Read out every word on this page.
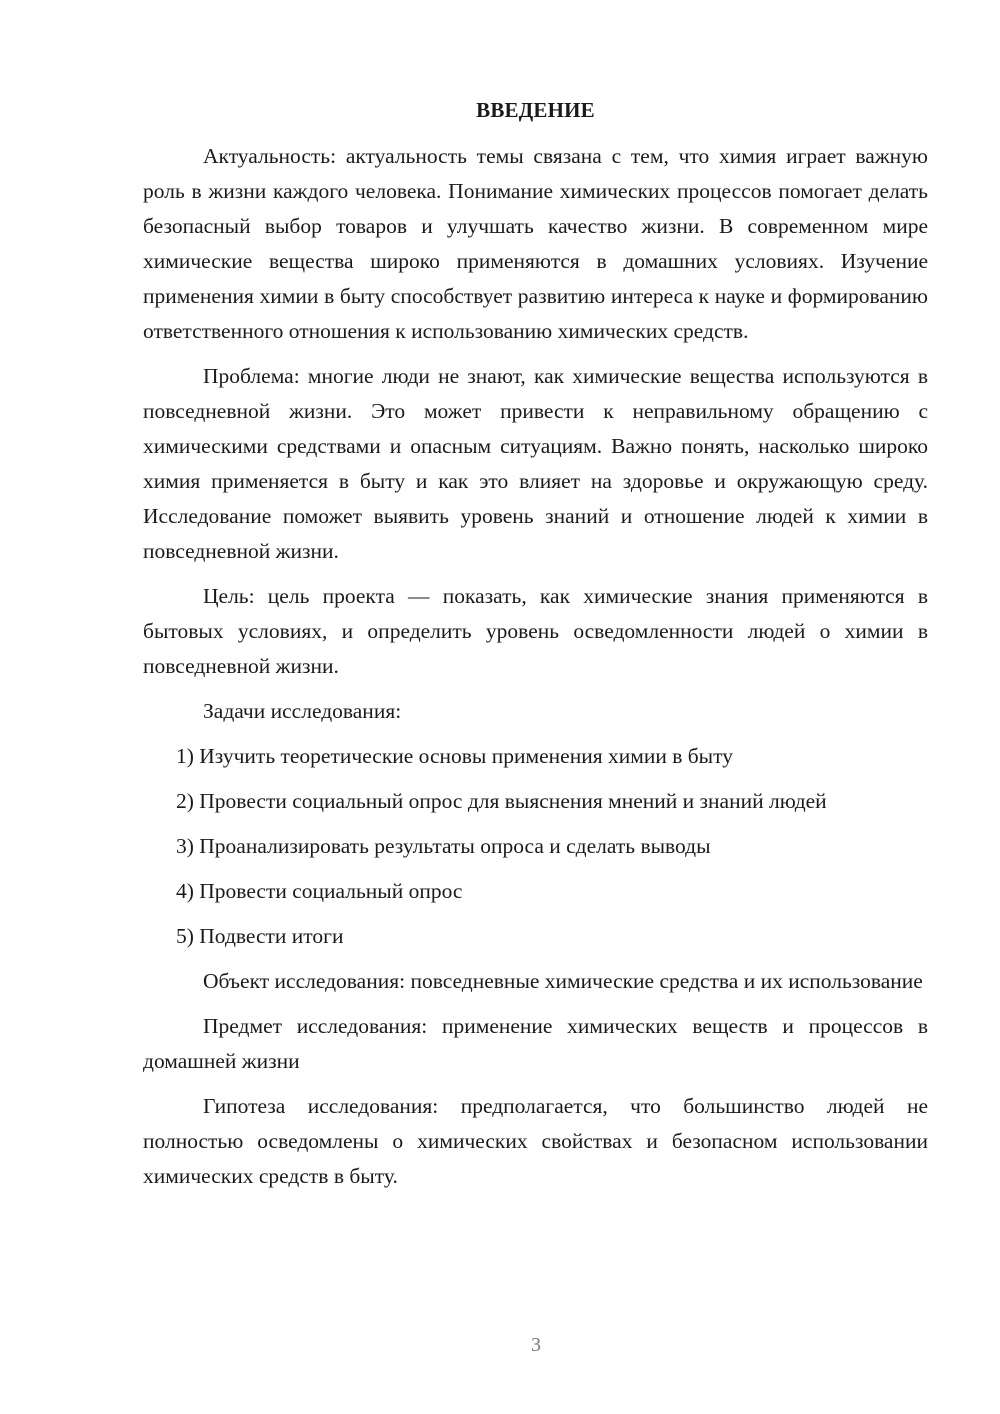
ВВЕДЕНИЕ

Актуальность: актуальность темы связана с тем, что химия играет важную роль в жизни каждого человека. Понимание химических процессов помогает делать безопасный выбор товаров и улучшать качество жизни. В современном мире химические вещества широко применяются в домашних условиях. Изучение применения химии в быту способствует развитию интереса к науке и формированию ответственного отношения к использованию химических средств.

Проблема: многие люди не знают, как химические вещества используются в повседневной жизни. Это может привести к неправильному обращению с химическими средствами и опасным ситуациям. Важно понять, насколько широко химия применяется в быту и как это влияет на здоровье и окружающую среду. Исследование поможет выявить уровень знаний и отношение людей к химии в повседневной жизни.

Цель: цель проекта — показать, как химические знания применяются в бытовых условиях, и определить уровень осведомленности людей о химии в повседневной жизни.

Задачи исследования:

1) Изучить теоретические основы применения химии в быту
2) Провести социальный опрос для выяснения мнений и знаний людей
3) Проанализировать результаты опроса и сделать выводы
4) Провести социальный опрос
5) Подвести итоги

Объект исследования: повседневные химические средства и их использование

Предмет исследования: применение химических веществ и процессов в домашней жизни

Гипотеза исследования: предполагается, что большинство людей не полностью осведомлены о химических свойствах и безопасном использовании химических средств в быту.

3
